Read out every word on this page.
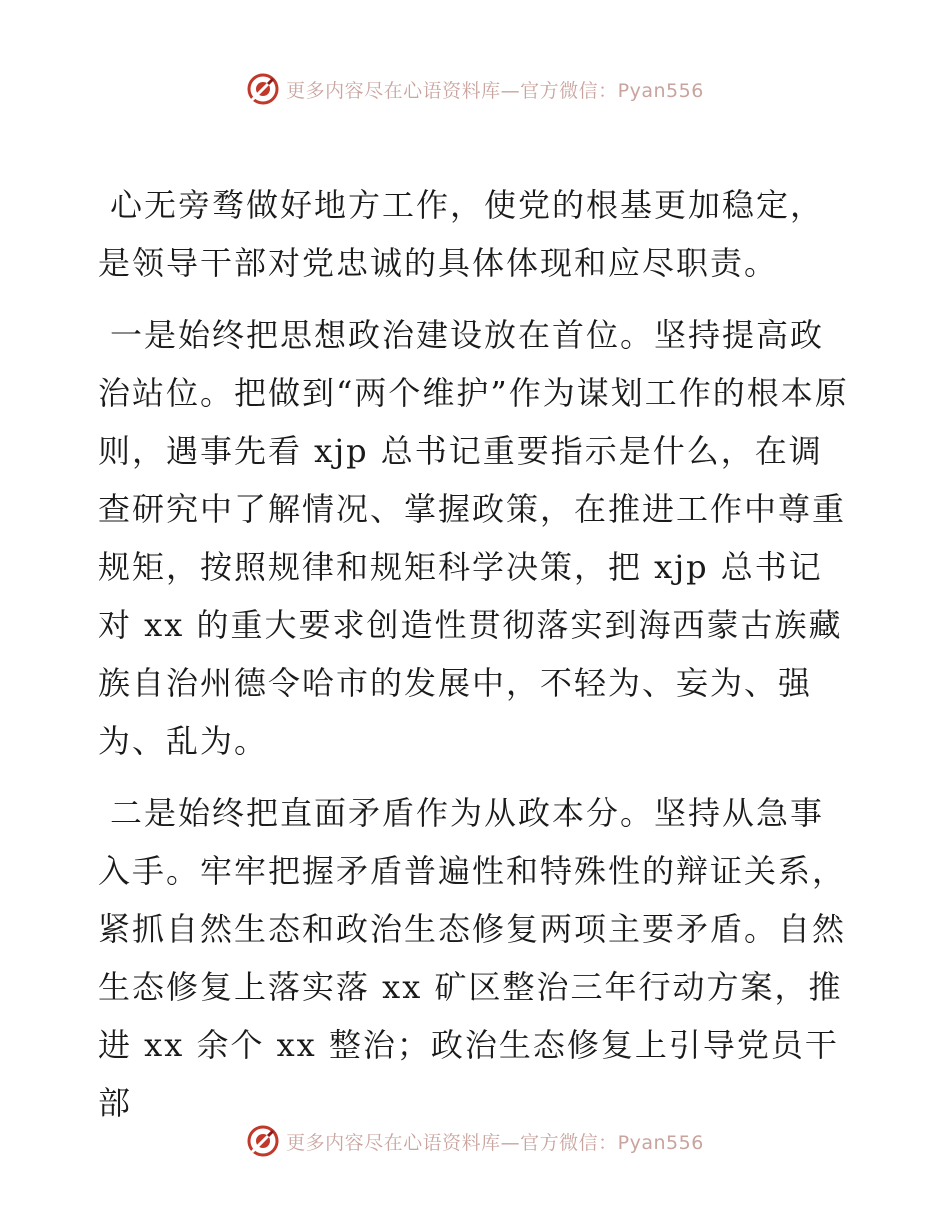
更多内容尽在心语资料库—官方微信：Pyan556

心无旁骛做好地方工作，使党的根基更加稳定，是领导干部对党忠诚的具体体现和应尽职责。

一是始终把思想政治建设放在首位。坚持提高政治站位。把做到“两个维护”作为谋划工作的根本原则，遇事先看 xjp 总书记重要指示是什么，在调查研究中了解情况、掌握政策，在推进工作中尊重规矩，按照规律和规矩科学决策，把 xjp 总书记对 xx 的重大要求创造性贯彻落实到海西蒙古族藏族自治州德令哈市的发展中，不轻为、妄为、强为、乱为。

二是始终把直面矛盾作为从政本分。坚持从急事入手。牢牢把握矛盾普遍性和特殊性的辩证关系，紧抓自然生态和政治生态修复两项主要矛盾。自然生态修复上落实落 xx 矿区整治三年行动方案，推进 xx 余个 xx 整治；政治生态修复上引导党员干部

更多内容尽在心语资料库—官方微信：Pyan556
